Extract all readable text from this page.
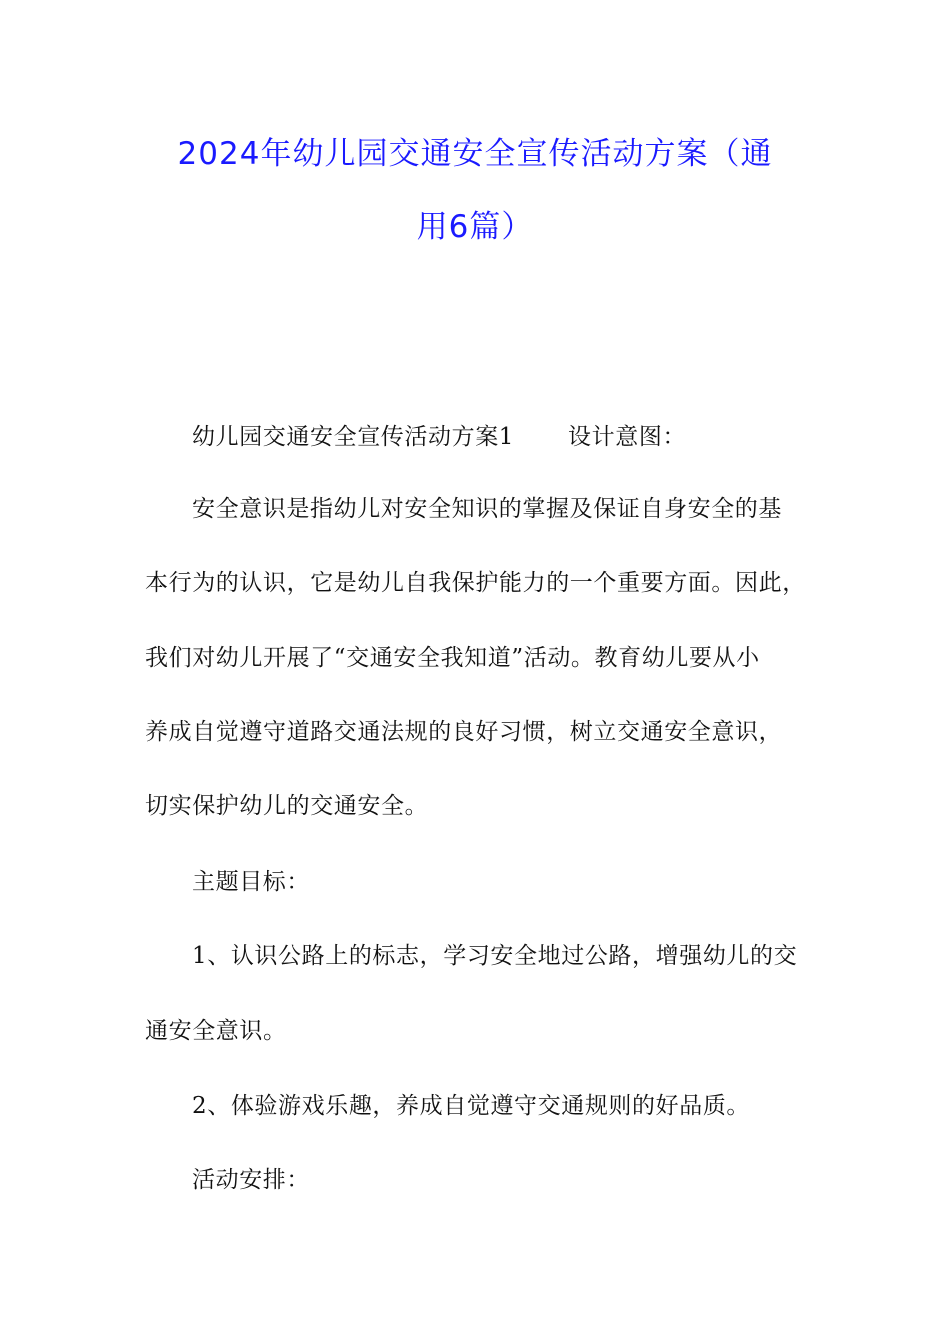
2024年幼儿园交通安全宣传活动方案（通
用6篇）
幼儿园交通安全宣传活动方案1 设计意图：
安全意识是指幼儿对安全知识的掌握及保证自身安全的基
本行为的认识，它是幼儿自我保护能力的一个重要方面。因此，
我们对幼儿开展了“交通安全我知道”活动。教育幼儿要从小
养成自觉遵守道路交通法规的良好习惯，树立交通安全意识，
切实保护幼儿的交通安全。
主题目标：
1、认识公路上的标志，学习安全地过公路，增强幼儿的交
通安全意识。
2、体验游戏乐趣，养成自觉遵守交通规则的好品质。
活动安排：
